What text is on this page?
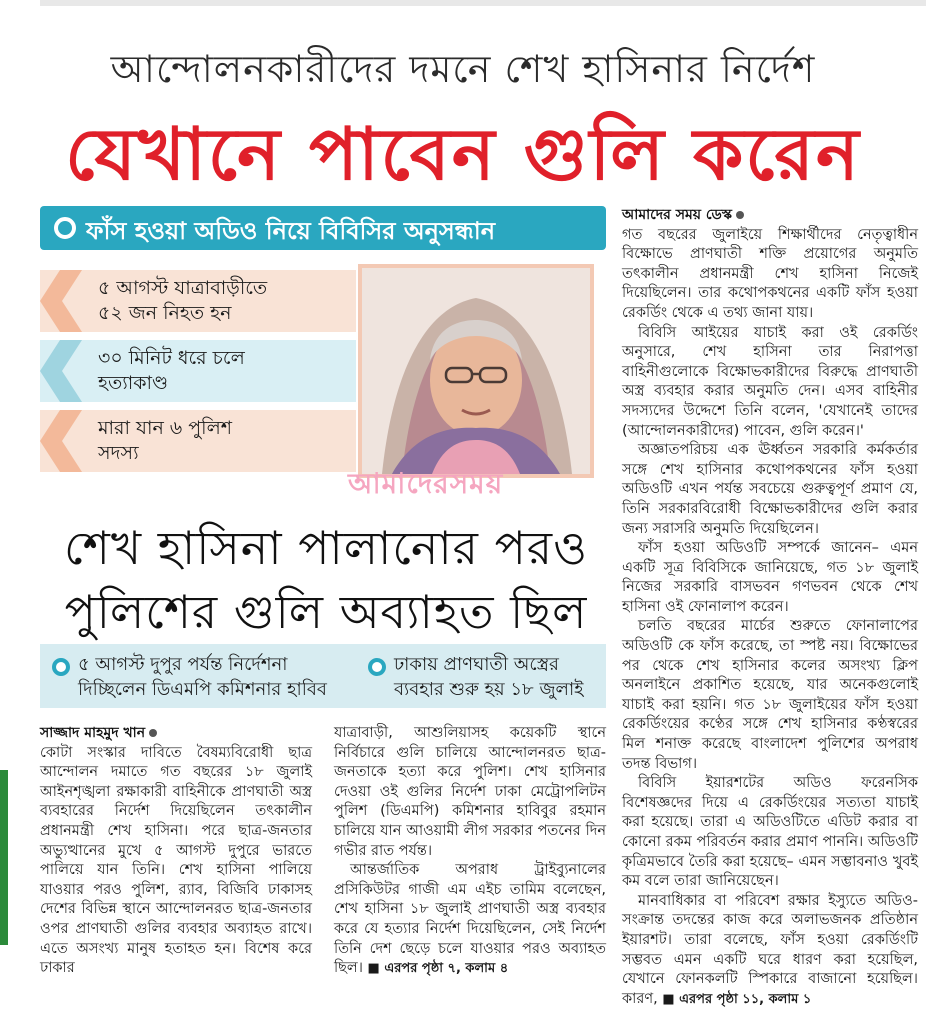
আন্দোলনকারীদের দমনে শেখ হাসিনার নির্দেশ
যেখানে পাবেন গুলি করেন
ফাঁস হওয়া অডিও নিয়ে বিবিসির অনুসন্ধান
৫ আগস্ট যাত্রাবাড়ীতে
৫২ জন নিহত হন
৩০ মিনিট ধরে চলে
হত্যাকাণ্ড
মারা যান ৬ পুলিশ
সদস্য
আমাদেরসময়
শেখ হাসিনা পালানোর পরও
পুলিশের গুলি অব্যাহত ছিল
৫ আগস্ট দুপুর পর্যন্ত নির্দেশনা
দিচ্ছিলেন ডিএমপি কমিশনার হাবিব
ঢাকায় প্রাণঘাতী অস্ত্রের
ব্যবহার শুরু হয় ১৮ জুলাই
আমাদের সময় ডেস্ক

গত বছরের জুলাইয়ে শিক্ষার্থীদের নেতৃত্বাধীন বিক্ষোভে প্রাণঘাতী শক্তি প্রয়োগের অনুমতি তৎকালীন প্রধানমন্ত্রী শেখ হাসিনা নিজেই দিয়েছিলেন। তার কথোপকথনের একটি ফাঁস হওয়া রেকর্ডিং থেকে এ তথ্য জানা যায়।

বিবিসি আইয়ের যাচাই করা ওই রেকর্ডিং অনুসারে, শেখ হাসিনা তার নিরাপত্তা বাহিনীগুলোকে বিক্ষোভকারীদের বিরুদ্ধে প্রাণঘাতী অস্ত্র ব্যবহার করার অনুমতি দেন। এসব বাহিনীর সদস্যদের উদ্দেশে তিনি বলেন, 'যেখানেই তাদের (আন্দোলনকারীদের) পাবেন, গুলি করেন।'

অজ্ঞাতপরিচয় এক ঊর্ধ্বতন সরকারি কর্মকর্তার সঙ্গে শেখ হাসিনার কথোপকথনের ফাঁস হওয়া অডিওটি এখন পর্যন্ত সবচেয়ে গুরুত্বপূর্ণ প্রমাণ যে, তিনি সরকারবিরোধী বিক্ষোভকারীদের গুলি করার জন্য সরাসরি অনুমতি দিয়েছিলেন।

ফাঁস হওয়া অডিওটি সম্পর্কে জানেন– এমন একটি সূত্র বিবিসিকে জানিয়েছে, গত ১৮ জুলাই নিজের সরকারি বাসভবন গণভবন থেকে শেখ হাসিনা ওই ফোনালাপ করেন।

চলতি বছরের মার্চের শুরুতে ফোনালাপের অডিওটি কে ফাঁস করেছে, তা স্পষ্ট নয়। বিক্ষোভের পর থেকে শেখ হাসিনার কলের অসংখ্য ক্লিপ অনলাইনে প্রকাশিত হয়েছে, যার অনেকগুলোই যাচাই করা হয়নি। গত ১৮ জুলাইয়ের ফাঁস হওয়া রেকর্ডিংয়ের কণ্ঠের সঙ্গে শেখ হাসিনার কণ্ঠস্বরের মিল শনাক্ত করেছে বাংলাদেশ পুলিশের অপরাধ তদন্ত বিভাগ।

বিবিসি ইয়ারশটের অডিও ফরেনসিক বিশেষজ্ঞদের দিয়ে এ রেকর্ডিংয়ের সত্যতা যাচাই করা হয়েছে। তারা এ অডিওটিতে এডিট করার বা কোনো রকম পরিবর্তন করার প্রমাণ পাননি। অডিওটি কৃত্রিমভাবে তৈরি করা হয়েছে– এমন সম্ভাবনাও খুবই কম বলে তারা জানিয়েছেন।

মানবাধিকার বা পরিবেশ রক্ষার ইস্যুতে অডিও-সংক্রান্ত তদন্তের কাজ করে অলাভজনক প্রতিষ্ঠান ইয়ারশট। তারা বলেছে, ফাঁস হওয়া রেকর্ডিংটি সম্ভবত এমন একটি ঘরে ধারণ করা হয়েছিল, যেখানে ফোনকলটি স্পিকারে বাজানো হয়েছিল। কারণ, ■ এরপর পৃষ্ঠা ১১, কলাম ১

সাজ্জাদ মাহমুদ খান

কোটা সংস্কার দাবিতে বৈষম্যবিরোধী ছাত্র আন্দোলন দমাতে গত বছরের ১৮ জুলাই আইনশৃঙ্খলা রক্ষাকারী বাহিনীকে প্রাণঘাতী অস্ত্র ব্যবহারের নির্দেশ দিয়েছিলেন তৎকালীন প্রধানমন্ত্রী শেখ হাসিনা। পরে ছাত্র-জনতার অভ্যুত্থানের মুখে ৫ আগস্ট দুপুরে ভারতে পালিয়ে যান তিনি। শেখ হাসিনা পালিয়ে যাওয়ার পরও পুলিশ, র‍্যাব, বিজিবি ঢাকাসহ দেশের বিভিন্ন স্থানে আন্দোলনরত ছাত্র-জনতার ওপর প্রাণঘাতী গুলির ব্যবহার অব্যাহত রাখে। এতে অসংখ্য মানুষ হতাহত হন। বিশেষ করে ঢাকার

যাত্রাবাড়ী, আশুলিয়াসহ কয়েকটি স্থানে নির্বিচারে গুলি চালিয়ে আন্দোলনরত ছাত্র-জনতাকে হত্যা করে পুলিশ। শেখ হাসিনার দেওয়া ওই গুলির নির্দেশ ঢাকা মেট্রোপলিটন পুলিশ (ডিএমপি) কমিশনার হাবিবুর রহমান চালিয়ে যান আওয়ামী লীগ সরকার পতনের দিন গভীর রাত পর্যন্ত।

আন্তর্জাতিক অপরাধ ট্রাইব্যুনালের প্রসিকিউটর গাজী এম এইচ তামিম বলেছেন, শেখ হাসিনা ১৮ জুলাই প্রাণঘাতী অস্ত্র ব্যবহার করে যে হত্যার নির্দেশ দিয়েছিলেন, সেই নির্দেশ তিনি দেশ ছেড়ে চলে যাওয়ার পরও অব্যাহত ছিল। ■ এরপর পৃষ্ঠা ৭, কলাম ৪
